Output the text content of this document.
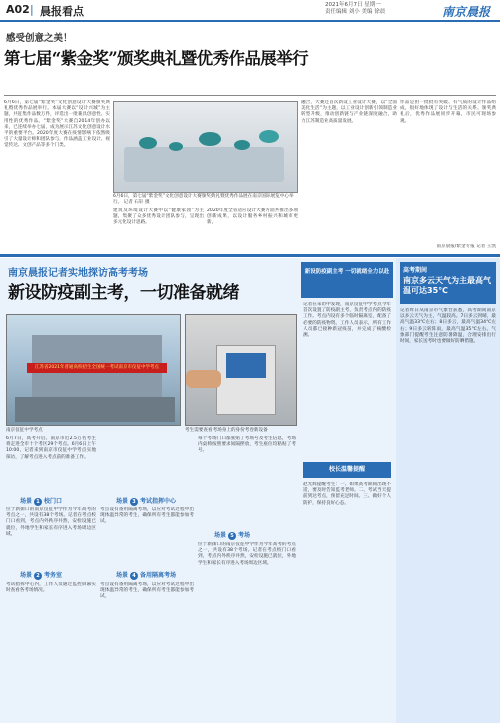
A02 | 晨报看点	2021年6月7日 星期一
责任编辑 刘小 美编 徐晨	南京晨报
感受创意之美！
第七届“紫金奖”颁奖典礼暨优秀作品展举行
6月6日，第七届“紫金奖”文化创意设计大赛颁奖典礼暨优秀作品展举行。本届大赛以“设计兴城”为主题，共征集作品数万件，评选出一批兼具创意性、实用性的优秀作品。“紫金奖”大赛自2014年创办以来，已连续举办七届，成为展示江苏文化创意设计水平的重要平台。2020年度大赛在疫情影响下依然吸引了大量设计师和团队参与，作品涵盖工业设计、视觉传达、文创产品等多个门类。
6月6日，第七届“紫金奖”文化创意设计大赛颁奖典礼暨优秀作品展在南京国际展览中心举行。 记者 石轩 摄
建筑及环境设计大赛中以“健康家园”为主题，集聚了众多优秀设计团队参与，呈现出多元化设计思路。
2020年度全省适应设计大赛方面共推出多项创新成果，以设计服务乡村振兴和城市更新。
融合，大赛还首次新设工业设计大赛，以“全面美化生活”为主题，以工业设计创新引领制造业转型升级，推动创新链与产业链深度融合，助力江苏制造业高质量发展。
作品是由一批批有突破、有气质的设计作品组成，很好地体现了设计与生活的关系。颁奖典礼后，优秀作品展同步开幕，市民可现场参观。
南京晨报/紫金专报 记者 王凯
南京晨报记者实地探访高考考场
新设防疫副主考，一切准备就绪
江苏省2021年普通高校招生全国统一考试南京市仪征中学考点
南京仪征中学考点	考生需要查看考场身上的身份考卷新设备
6月7日，高考开启。南京市近2.5万名考生将走进全市十个考区29个考点。6月6日上午10:00，记者来到南京市仪征中学考点实地探访，了解考点进入考点前的准备工作。
场景 1 校门口
位于新街口的南京仪征中学作为今年高考的考点之一，共设有38个考场。记者在考点校门口看到，考点内外秩序井然，安检设施已就位，外地学生和家长有序进入考场周边区域。
场景 2 考务室
考试指挥中心内，工作人员通过监控屏幕实时查看各考场情况。
场景 3 考试指挥中心
考点设有备用隔离考场，以应对考试过程中出现体温异常的考生，确保所有考生都能参加考试。
场景 4 备用隔离考场
考点设有备用隔离考场，以应对考试过程中出现体温异常的考生，确保所有考生都能参加考试。
场景 5 考场
每个考场门口都张贴了考场号及考生信息，考场内桌椅按照要求间隔摆放，考生座位均粘贴了考号。
位于新街口的南京仪征中学作为今年高考的考点之一，共设有38个考场。记者在考点校门口看到，考点内外秩序井然，安检设施已就位，外地学生和家长有序进入考场周边区域。
新设防疫副主考 一切就绪全力以赴
记者在采访中发现，南京仪征中学考点今年首次设置了防疫副主考，负责考点内的防疫工作。考点内设有多个临时隔离室，配备了必要的防疫物资。工作人员表示，所有工作人员都已接种新冠疫苗，并完成了核酸检测。
校长温馨提醒
赵光辉提醒考生：一、如果高考期间出现不适，要及时告知监考老师。二、考试当天提前到达考点，预留充足时间。三、做好个人防护，保持良好心态。
高考期间
南京多云天气为主最高气温可达35℃
记者昨日从南京市气象台获悉，高考期间南京以多云天气为主，气温较高。7日多云到晴，最高气温33℃左右；8日多云，最高气温34℃左右；9日多云转阵雨，最高气温35℃左右。气象部门提醒考生注意防暑降温，合理安排出行时间，家长送考时也要做好防晒措施。
